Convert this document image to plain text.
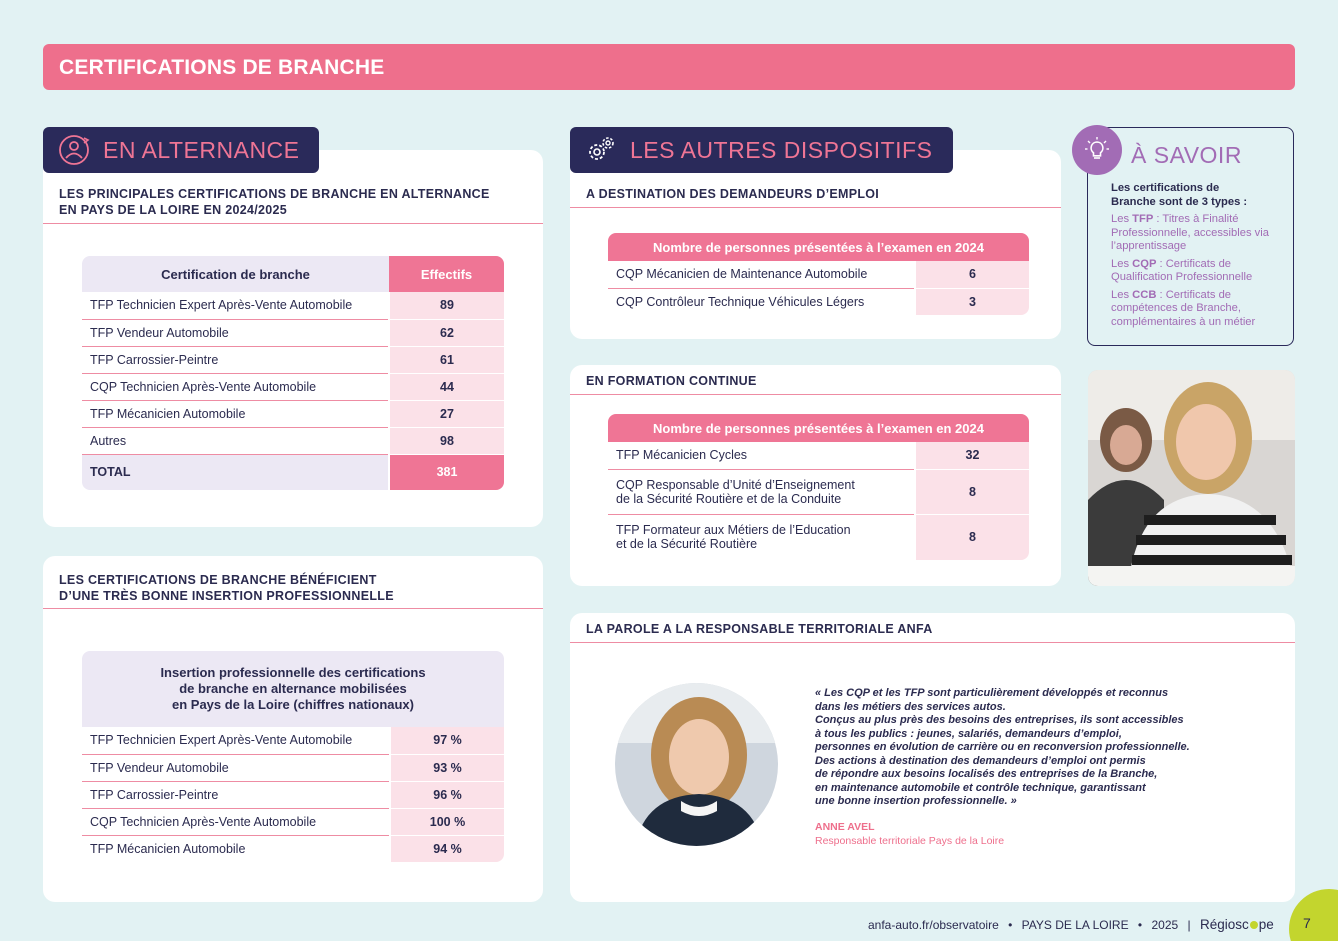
CERTIFICATIONS DE BRANCHE
EN ALTERNANCE
LES PRINCIPALES CERTIFICATIONS DE BRANCHE EN ALTERNANCE
EN PAYS DE LA LOIRE EN 2024/2025
Certification de branche	Effectifs
TFP Technicien Expert Après-Vente Automobile	89
TFP Vendeur Automobile	62
TFP Carrossier-Peintre	61
CQP Technicien Après-Vente Automobile	44
TFP Mécanicien Automobile	27
Autres	98
TOTAL	381
LES CERTIFICATIONS DE BRANCHE BÉNÉFICIENT
D’UNE TRÈS BONNE INSERTION PROFESSIONNELLE
Insertion professionnelle des certifications
de branche en alternance mobilisées
en Pays de la Loire (chiffres nationaux)	

TFP Technicien Expert Après-Vente Automobile	97 %
TFP Vendeur Automobile	93 %
TFP Carrossier-Peintre	96 %
CQP Technicien Après-Vente Automobile	100 %
TFP Mécanicien Automobile	94 %
LES AUTRES DISPOSITIFS
A DESTINATION DES DEMANDEURS D’EMPLOI
Nombre de personnes présentées à l’examen en 2024	
CQP Mécanicien de Maintenance Automobile	6
CQP Contrôleur Technique Véhicules Légers	3
EN FORMATION CONTINUE
Nombre de personnes présentées à l’examen en 2024	
TFP Mécanicien Cycles	32

CQP Responsable d’Unité d’Enseignement
de la Sécurité Routière et de la Conduite	8

TFP Formateur aux Métiers de l’Education
et de la Sécurité Routière	8
À SAVOIR
Les certifications de
Branche sont de 3 types :

Les TFP : Titres à Finalité Professionnelle, accessibles via l’apprentissage

Les CQP : Certificats de Qualification Professionnelle

Les CCB : Certificats de compétences de Branche, complémentaires à un métier

LA PAROLE A LA RESPONSABLE TERRITORIALE ANFA
« Les CQP et les TFP sont particulièrement développés et reconnus
dans les métiers des services autos.
Conçus au plus près des besoins des entreprises, ils sont accessibles
à tous les publics : jeunes, salariés, demandeurs d’emploi,
personnes en évolution de carrière ou en reconversion professionnelle.
Des actions à destination des demandeurs d’emploi ont permis
de répondre aux besoins localisés des entreprises de la Branche,
en maintenance automobile et contrôle technique, garantissant
une bonne insertion professionnelle. »
ANNE AVEL
Responsable territoriale Pays de la Loire
anfa-auto.fr/observatoire • PAYS DE LA LOIRE • 2025 | Régiosc pe 7
